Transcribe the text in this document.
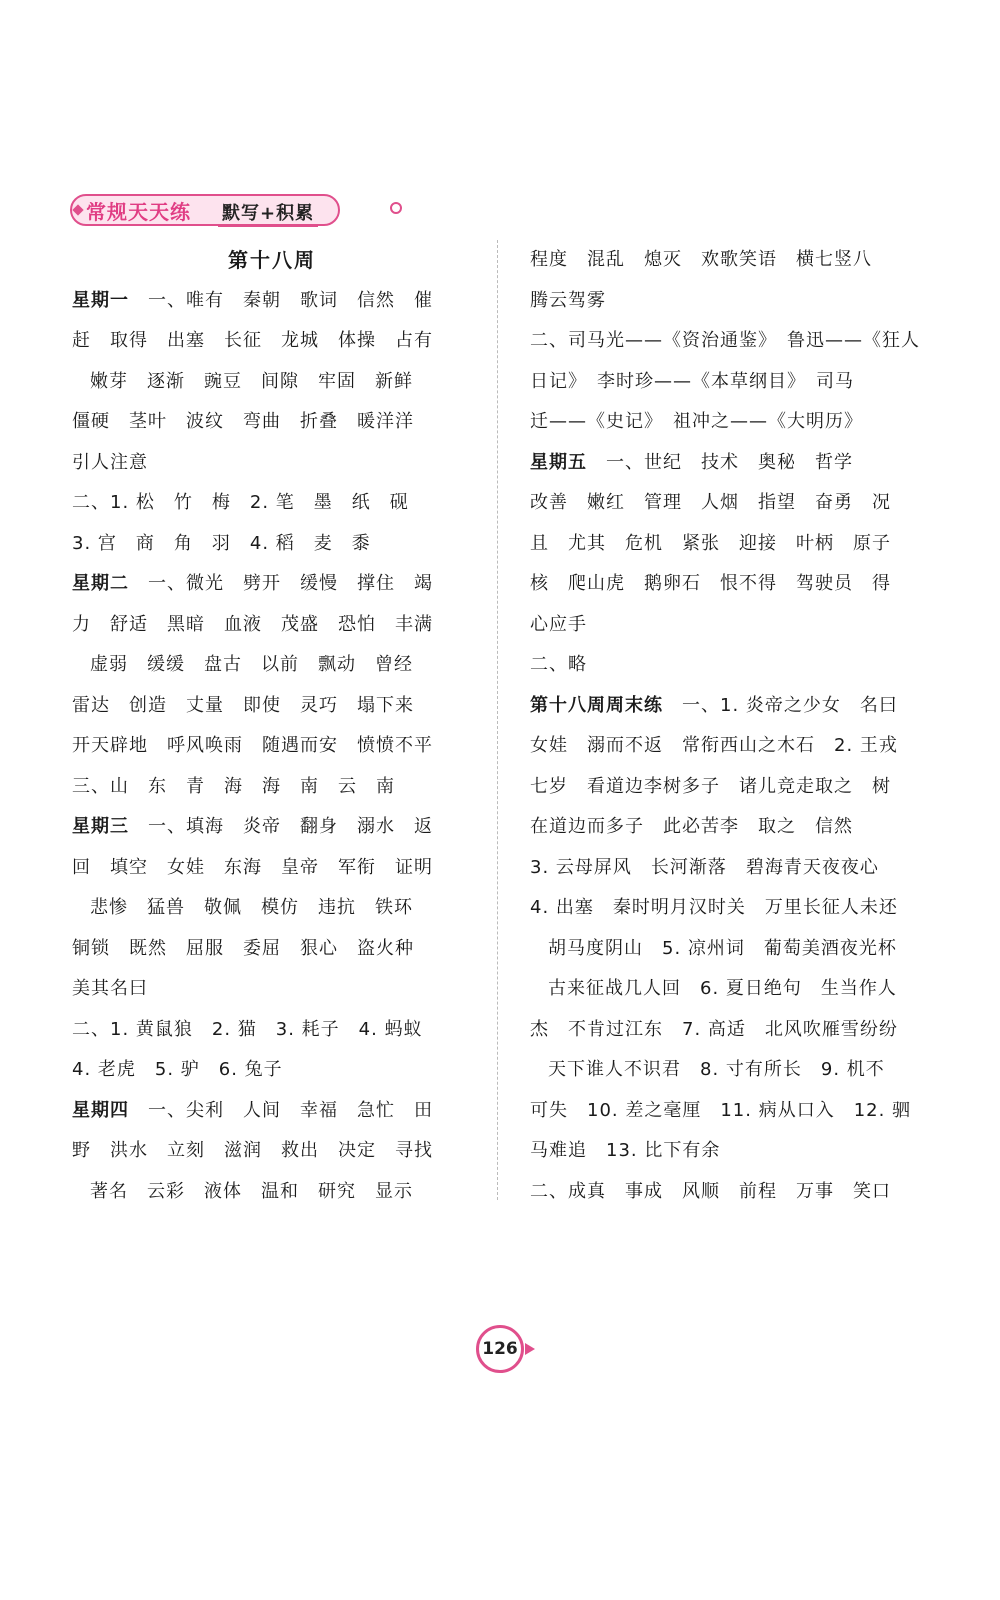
常规天天练 默写+积累
第十八周
星期一　 一、唯有　秦朝　歌词　信然　催
赶　取得　出塞　长征　龙城　体操　占有
嫩芽　逐渐　豌豆　间隙　牢固　新鲜
僵硬　茎叶　波纹　弯曲　折叠　暖洋洋
引人注意
二、1. 松　竹　梅　2. 笔　墨　纸　砚
3. 宫　商　角　羽　4. 稻　麦　黍
星期二　 一、微光　劈开　缓慢　撑住　竭
力　舒适　黑暗　血液　茂盛　恐怕　丰满
虚弱　缓缓　盘古　以前　飘动　曾经
雷达　创造　丈量　即使　灵巧　塌下来
开天辟地　呼风唤雨　随遇而安　愤愤不平
三、山　东　青　海　海　南　云　南
星期三　 一、填海　炎帝　翻身　溺水　返
回　填空　女娃　东海　皇帝　军衔　证明
悲惨　猛兽　敬佩　模仿　违抗　铁环
铜锁　既然　屈服　委屈　狠心　盗火种
美其名曰
二、1. 黄鼠狼　2. 猫　3. 耗子　4. 蚂蚁
4. 老虎　5. 驴　6. 兔子
星期四　 一、尖利　人间　幸福　急忙　田
野　洪水　立刻　滋润　救出　决定　寻找
著名　云彩　液体　温和　研究　显示
程度　混乱　熄灭　欢歌笑语　横七竖八
腾云驾雾
二、司马光——《资治通鉴》　鲁迅——《狂人
日记》　李时珍——《本草纲目》　司马
迁——《史记》　祖冲之——《大明历》
星期五　 一、世纪　技术　奥秘　哲学
改善　嫩红　管理　人烟　指望　奋勇　况
且　尤其　危机　紧张　迎接　叶柄　原子
核　爬山虎　鹅卵石　恨不得　驾驶员　得
心应手
二、略
第十八周周末练　 一、1. 炎帝之少女　名曰
女娃　溺而不返　常衔西山之木石　2. 王戎
七岁　看道边李树多子　诸儿竞走取之　树
在道边而多子　此必苦李　取之　信然
3. 云母屏风　长河渐落　碧海青天夜夜心
4. 出塞　秦时明月汉时关　万里长征人未还
胡马度阴山　5. 凉州词　葡萄美酒夜光杯
古来征战几人回　6. 夏日绝句　生当作人
杰　不肯过江东　7. 高适　北风吹雁雪纷纷
天下谁人不识君　8. 寸有所长　9. 机不
可失　10. 差之毫厘　11. 病从口入　12. 驷
马难追　13. 比下有余
二、成真　事成　风顺　前程　万事　笑口
126
